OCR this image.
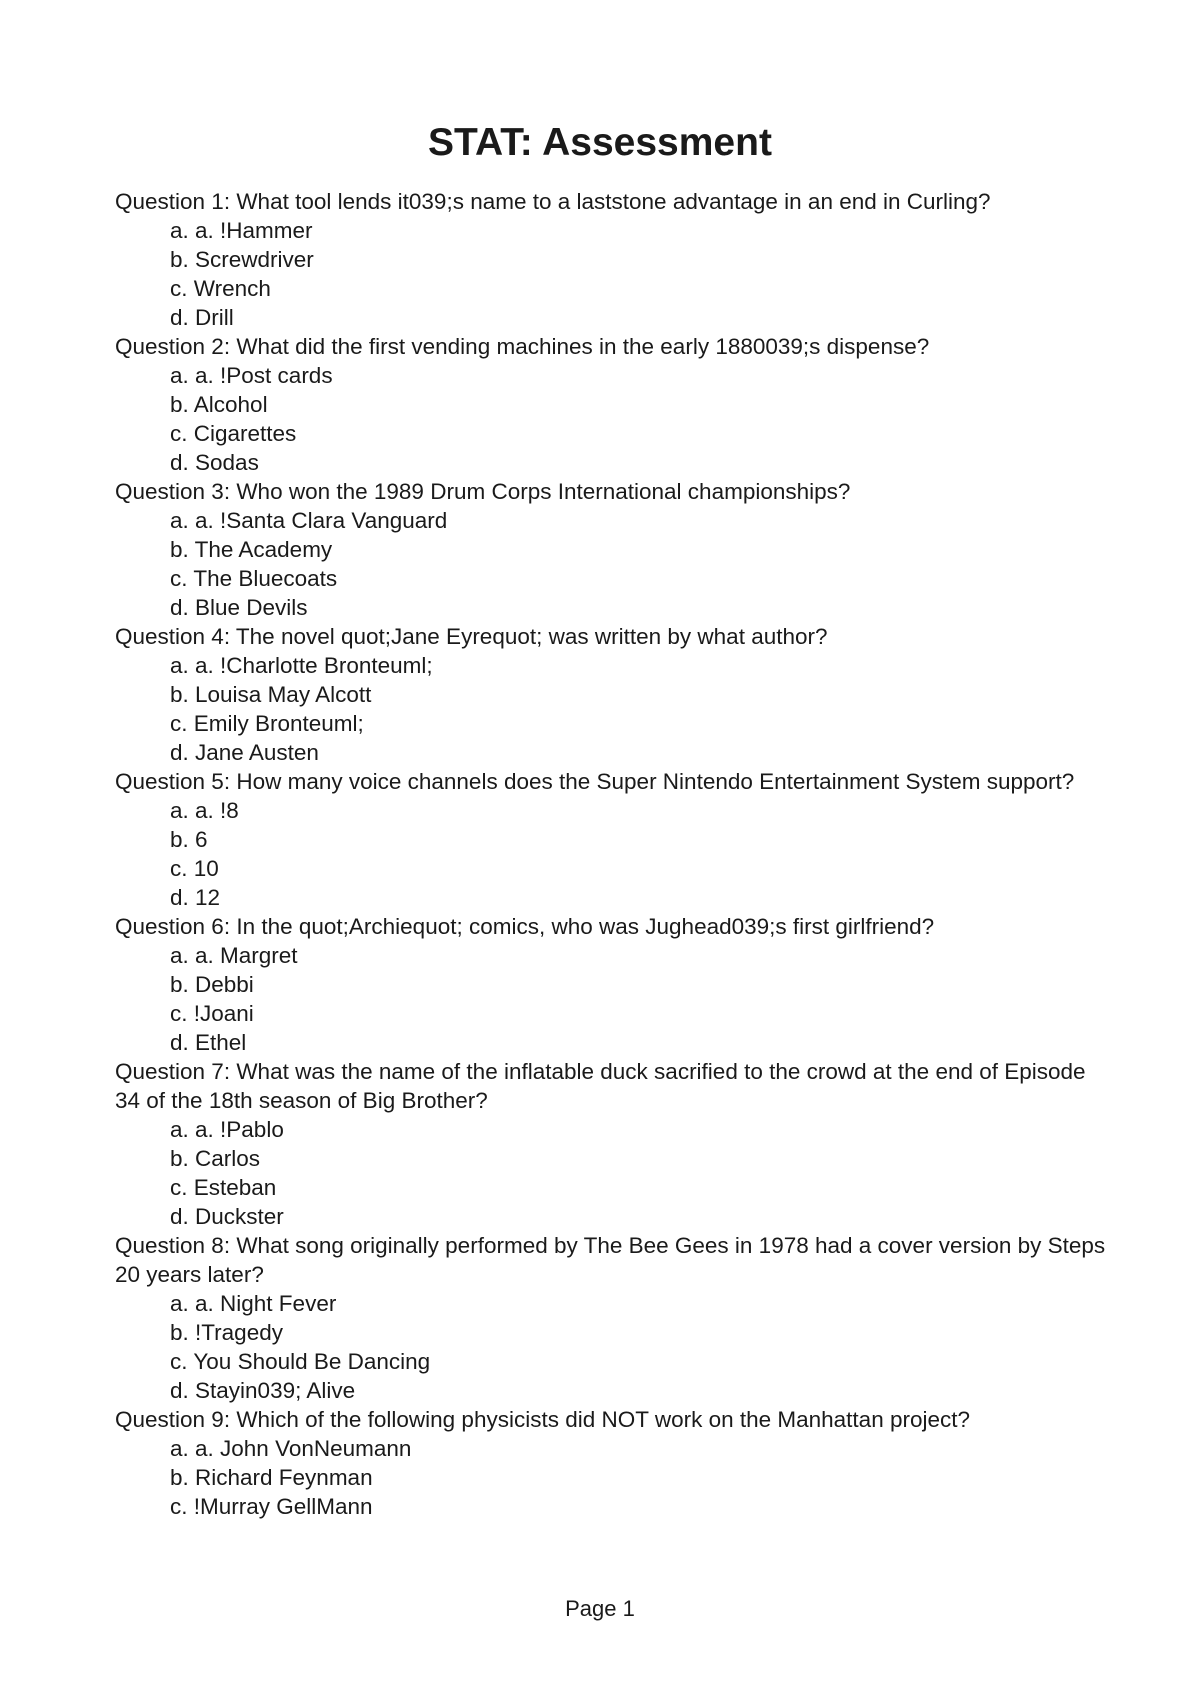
STAT: Assessment

Question 1: What tool lends it039;s name to a laststone advantage in an end in Curling?

a. a. !Hammer
b. Screwdriver
c. Wrench
d. Drill

Question 2: What did the first vending machines in the early 1880039;s dispense?

a. a. !Post cards
b. Alcohol
c. Cigarettes
d. Sodas

Question 3: Who won the 1989 Drum Corps International championships?

a. a. !Santa Clara Vanguard
b. The Academy
c. The Bluecoats
d. Blue Devils

Question 4: The novel quot;Jane Eyrequot; was written by what author?

a. a. !Charlotte Bronteuml;
b. Louisa May Alcott
c. Emily Bronteuml;
d. Jane Austen

Question 5: How many voice channels does the Super Nintendo Entertainment System support?

a. a. !8
b. 6
c. 10
d. 12

Question 6: In the quot;Archiequot; comics, who was Jughead039;s first girlfriend?

a. a. Margret
b. Debbi
c. !Joani
d. Ethel

Question 7: What was the name of the inflatable duck sacrified to the crowd at the end of Episode 34 of the 18th season of Big Brother?

a. a. !Pablo
b. Carlos
c. Esteban
d. Duckster

Question 8: What song originally performed by The Bee Gees in 1978 had a cover version by Steps 20 years later?

a. a. Night Fever
b. !Tragedy
c. You Should Be Dancing
d. Stayin039; Alive

Question 9: Which of the following physicists did NOT work on the Manhattan project?

a. a. John VonNeumann
b. Richard Feynman
c. !Murray GellMann
Page 1
